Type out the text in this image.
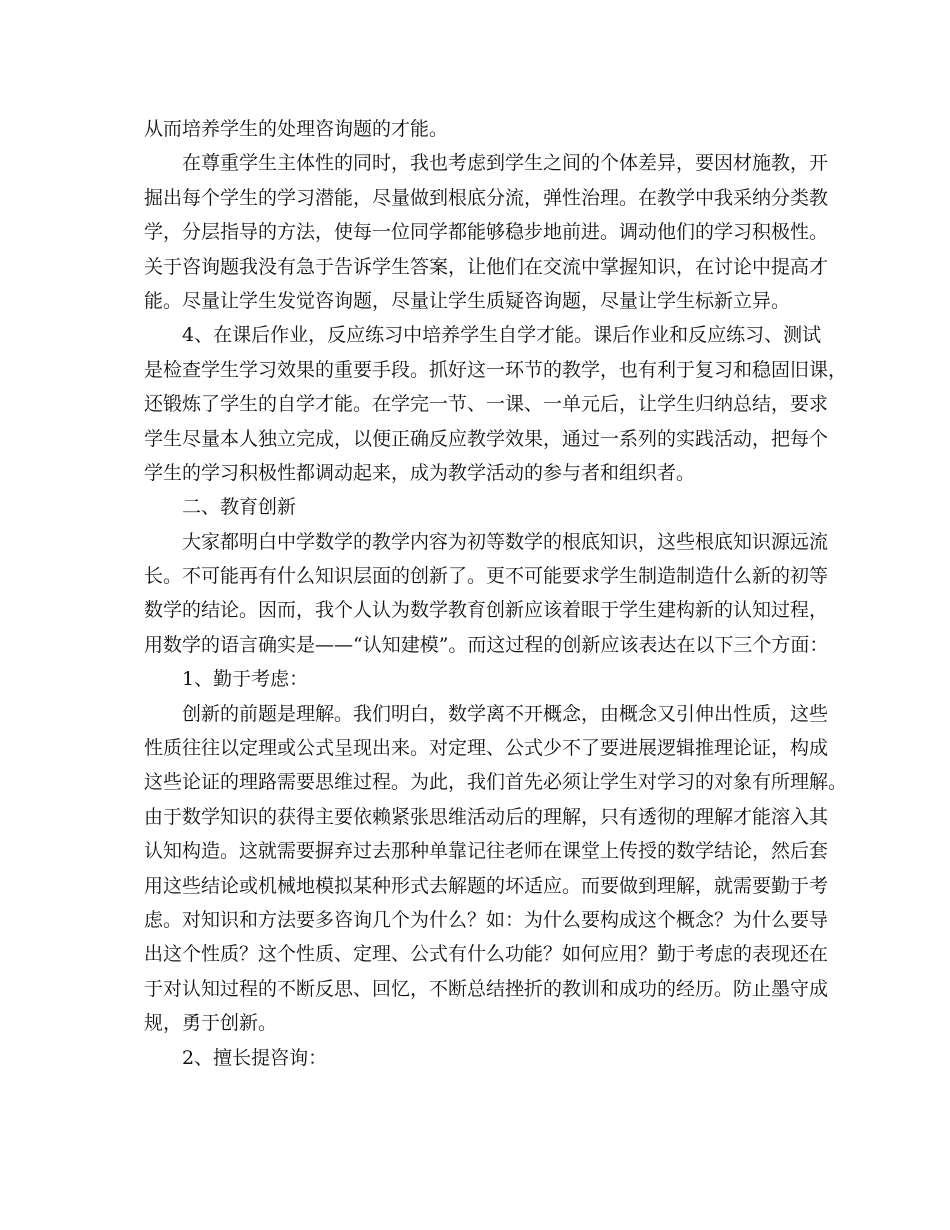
从而培养学生的处理咨询题的才能。
在尊重学生主体性的同时，我也考虑到学生之间的个体差异，要因材施教，开
掘出每个学生的学习潜能，尽量做到根底分流，弹性治理。在教学中我采纳分类教
学，分层指导的方法，使每一位同学都能够稳步地前进。调动他们的学习积极性。
关于咨询题我没有急于告诉学生答案，让他们在交流中掌握知识，在讨论中提高才
能。尽量让学生发觉咨询题，尽量让学生质疑咨询题，尽量让学生标新立异。
4、在课后作业，反应练习中培养学生自学才能。课后作业和反应练习、测试
是检查学生学习效果的重要手段。抓好这一环节的教学，也有利于复习和稳固旧课，
还锻炼了学生的自学才能。在学完一节、一课、一单元后，让学生归纳总结，要求
学生尽量本人独立完成，以便正确反应教学效果，通过一系列的实践活动，把每个
学生的学习积极性都调动起来，成为教学活动的参与者和组织者。
二、教育创新
大家都明白中学数学的教学内容为初等数学的根底知识，这些根底知识源远流
长。不可能再有什么知识层面的创新了。更不可能要求学生制造制造什么新的初等
数学的结论。因而，我个人认为数学教育创新应该着眼于学生建构新的认知过程，
用数学的语言确实是——“认知建模”。而这过程的创新应该表达在以下三个方面：
1、勤于考虑：
创新的前题是理解。我们明白，数学离不开概念，由概念又引伸出性质，这些
性质往往以定理或公式呈现出来。对定理、公式少不了要进展逻辑推理论证，构成
这些论证的理路需要思维过程。为此，我们首先必须让学生对学习的对象有所理解。
由于数学知识的获得主要依赖紧张思维活动后的理解，只有透彻的理解才能溶入其
认知构造。这就需要摒弃过去那种单靠记往老师在课堂上传授的数学结论，然后套
用这些结论或机械地模拟某种形式去解题的坏适应。而要做到理解，就需要勤于考
虑。对知识和方法要多咨询几个为什么？如：为什么要构成这个概念？为什么要导
出这个性质？这个性质、定理、公式有什么功能？如何应用？勤于考虑的表现还在
于对认知过程的不断反思、回忆，不断总结挫折的教训和成功的经历。防止墨守成
规，勇于创新。
2、擅长提咨询：
